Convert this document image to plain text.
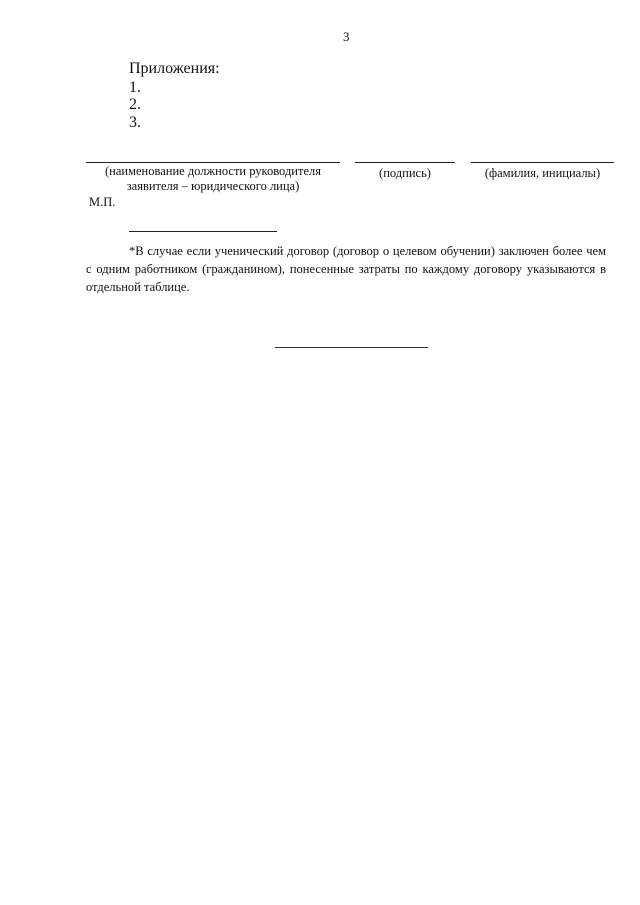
3
Приложения:
1.
2.
3.
(наименование должности руководителя
заявителя – юридического лица)
(подпись)	(фамилия, инициалы)
М.П.

*В случае если ученический договор (договор о целевом обучении) заключен более чем с одним работником (гражданином), понесенные затраты по каждому договору указываются в отдельной таблице.
